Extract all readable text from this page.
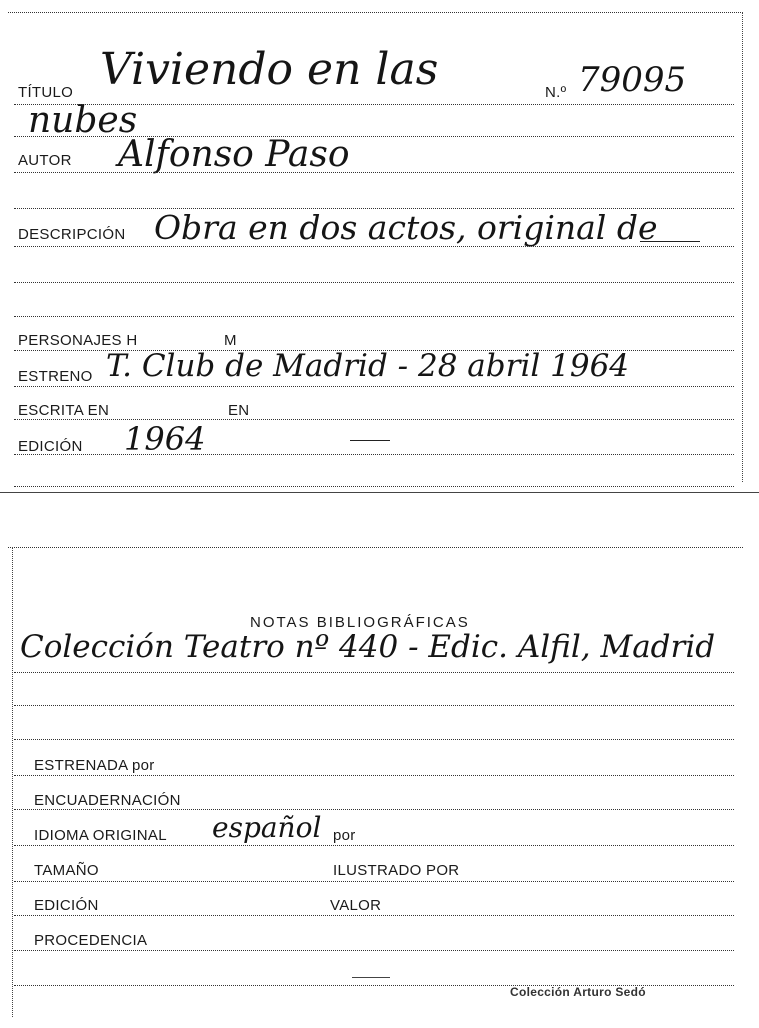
TÍTULO Viviendo en las	N.º 79095
nubes
AUTOR Alfonso Paso
DESCRIPCIÓN Obra en dos actos, original de
PERSONAJES H	M
ESTRENO T. Club de Madrid - 28 abril 1964
ESCRITA EN	EN
EDICIÓN 1964
NOTAS BIBLIOGRÁFICAS
Colección Teatro nº 440 - Edic. Alfil, Madrid
ESTRENADA por
ENCUADERNACIÓN
IDIOMA ORIGINAL español por
TAMAÑO	ILUSTRADO POR
EDICIÓN	VALOR
PROCEDENCIA
Colección Arturo Sedó
